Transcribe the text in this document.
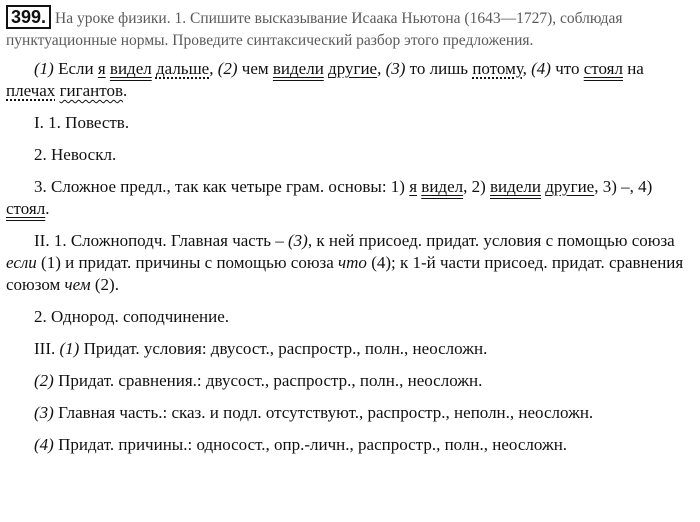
399. На уроке физики. 1. Спишите высказывание Исаака Ньютона (1643—1727), соблюдая пунктуационные нормы. Проведите синтаксический разбор этого предложения.

(1) Если я видел дальше, (2) чем видели другие, (3) то лишь потому, (4) что стоял на плечах гигантов.

I. 1. Повеств.

2. Невоскл.

3. Сложное предл., так как четыре грам. основы: 1) я видел, 2) видели другие, 3) –, 4) стоял.

II. 1. Сложноподч. Главная часть – (3), к ней присоед. придат. условия с помощью союза если (1) и придат. причины с помощью союза что (4); к 1-й части присоед. придат. сравнения союзом чем (2).

2. Однород. соподчинение.

III. (1) Придат. условия: двусост., распростр., полн., неосложн.

(2) Придат. сравнения.: двусост., распростр., полн., неосложн.

(3) Главная часть.: сказ. и подл. отсутствуют., распростр., неполн., неосложн.

(4) Придат. причины.: односост., опр.-личн., распростр., полн., неосложн.
